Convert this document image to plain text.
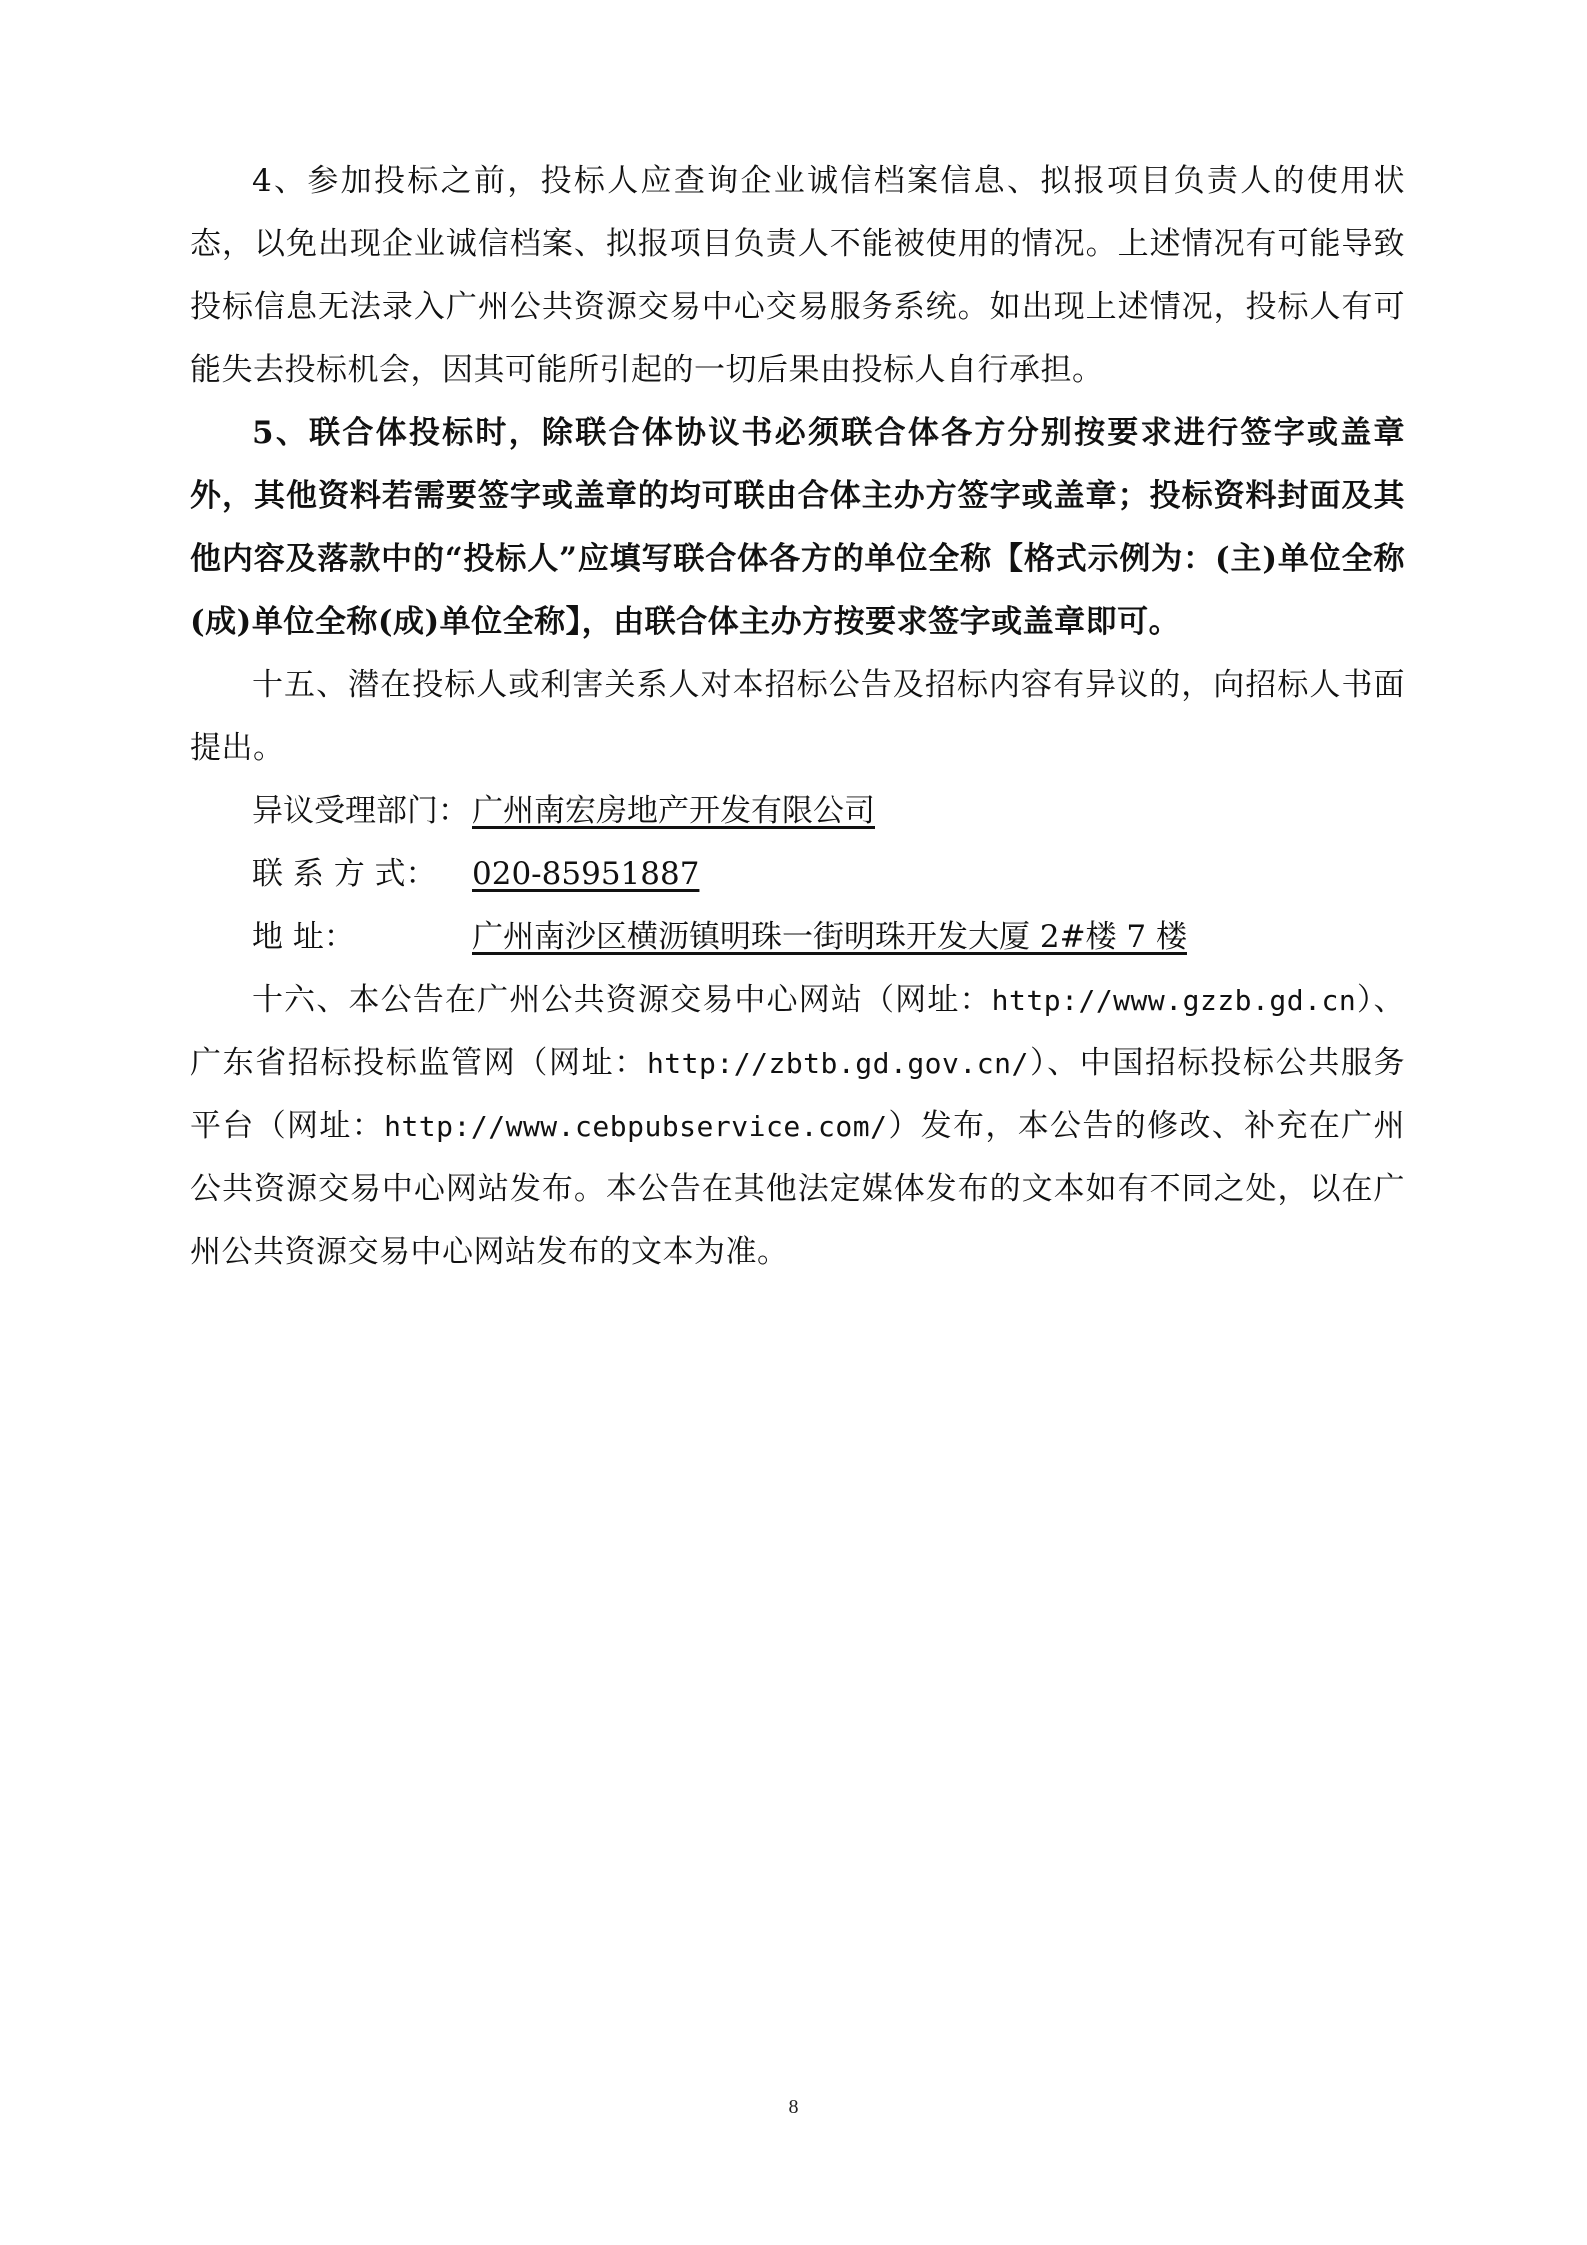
4、参加投标之前，投标人应查询企业诚信档案信息、拟报项目负责人的使用状态，以免出现企业诚信档案、拟报项目负责人不能被使用的情况。上述情况有可能导致投标信息无法录入广州公共资源交易中心交易服务系统。如出现上述情况，投标人有可能失去投标机会，因其可能所引起的一切后果由投标人自行承担。

5、联合体投标时，除联合体协议书必须联合体各方分别按要求进行签字或盖章外，其他资料若需要签字或盖章的均可联由合体主办方签字或盖章；投标资料封面及其他内容及落款中的“投标人”应填写联合体各方的单位全称【格式示例为：(主)单位全称(成)单位全称(成)单位全称】，由联合体主办方按要求签字或盖章即可。

十五、潜在投标人或利害关系人对本招标公告及招标内容有异议的，向招标人书面提出。

异议受理部门： 广州南宏房地产开发有限公司
联 系 方 式：	020-85951887
地 址：	广州南沙区横沥镇明珠一街明珠开发大厦 2#楼 7 楼

十六、本公告在广州公共资源交易中心网站（网址：http://www.gzzb.gd.cn）、广东省招标投标监管网（网址：http://zbtb.gd.gov.cn/）、中国招标投标公共服务平台（网址：http://www.cebpubservice.com/）发布，本公告的修改、补充在广州公共资源交易中心网站发布。本公告在其他法定媒体发布的文本如有不同之处，以在广州公共资源交易中心网站发布的文本为准。

8
